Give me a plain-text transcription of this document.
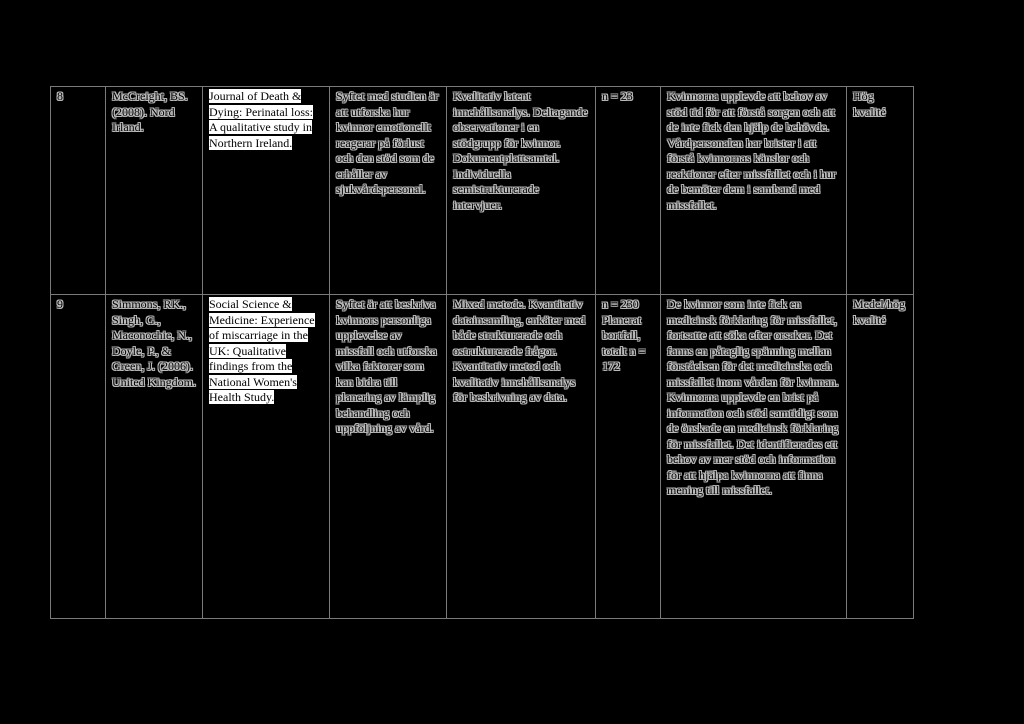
8	McCreight, BS. (2008). Nord Irland.	Journal of Death & Dying: Perinatal loss: A qualitative study in Northern Ireland.	Syftet med studien är att utforska hur kvinnor emotionellt reagerar på förlust och den stöd som de erhåller av sjukvårdspersonal.	Kvalitativ latent innehållsanalys. Deltagande observationer i en stödgrupp för kvinnor. Dokumentplattsamtal. Individuella semistrukturerade intervjuer.	n = 23	Kvinnorna upplevde att behov av stöd tid för att förstå sorgen och att de inte fick den hjälp de behövde. Vårdpersonalen har brister i att förstå kvinnornas känslor och reaktioner efter missfallet och i hur de bemöter dem i samband med missfallet.	Hög kvalité
9	Simmons, RK., Singh, G., Maconochie, N., Doyle, P., & Green, J. (2006). United Kingdom.	Social Science & Medicine: Experience of miscarriage in the UK: Qualitative findings from the National Women's Health Study.	Syftet är att beskriva kvinnors personliga upplevelse av missfall och utforska vilka faktorer som kan bidra till planering av lämplig behandling och uppföljning av vård.	Mixed metode. Kvantitativ datainsamling, enkäter med både strukturerade och ostrukturerade frågor. Kvantitativ metod och kvalitativ innehållsanalys för beskrivning av data.	n = 230 Planerat bortfall, totalt n = 172	De kvinnor som inte fick en medicinsk förklaring för missfallet, fortsatte att söka efter orsaker. Det fanns en påtaglig spänning mellan förståelsen för det medicinska och missfallet inom vården för kvinnan. Kvinnorna upplevde en brist på information och stöd samtidigt som de önskade en medicinsk förklaring för missfallet. Det identifierades ett behov av mer stöd och information för att hjälpa kvinnorna att finna mening till missfallet.	Medel/hög kvalité
